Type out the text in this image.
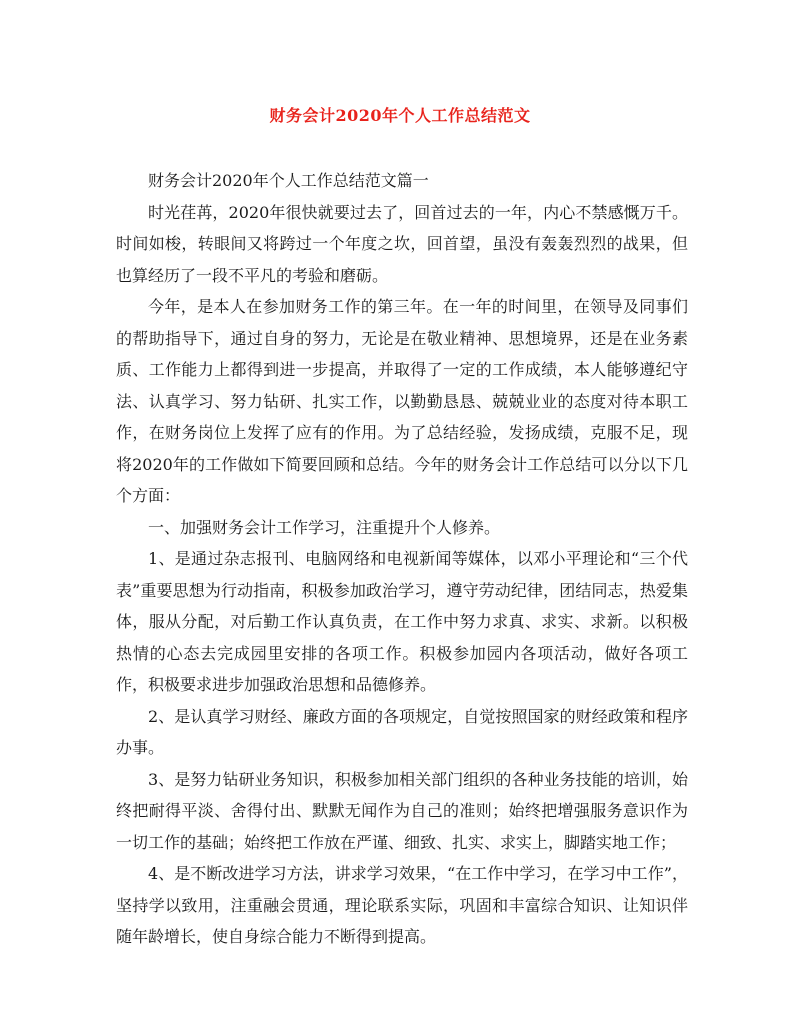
财务会计2020年个人工作总结范文

财务会计2020年个人工作总结范文篇一

时光荏苒，2020年很快就要过去了，回首过去的一年，内心不禁感慨万千。时间如梭，转眼间又将跨过一个年度之坎，回首望，虽没有轰轰烈烈的战果，但也算经历了一段不平凡的考验和磨砺。

今年，是本人在参加财务工作的第三年。在一年的时间里，在领导及同事们的帮助指导下，通过自身的努力，无论是在敬业精神、思想境界，还是在业务素质、工作能力上都得到进一步提高，并取得了一定的工作成绩，本人能够遵纪守法、认真学习、努力钻研、扎实工作，以勤勤恳恳、兢兢业业的态度对待本职工作，在财务岗位上发挥了应有的作用。为了总结经验，发扬成绩，克服不足，现将2020年的工作做如下简要回顾和总结。今年的财务会计工作总结可以分以下几个方面：

一、加强财务会计工作学习，注重提升个人修养。

1、是通过杂志报刊、电脑网络和电视新闻等媒体，以邓小平理论和“三个代表”重要思想为行动指南，积极参加政治学习，遵守劳动纪律，团结同志，热爱集体，服从分配，对后勤工作认真负责，在工作中努力求真、求实、求新。以积极热情的心态去完成园里安排的各项工作。积极参加园内各项活动，做好各项工作，积极要求进步加强政治思想和品德修养。

2、是认真学习财经、廉政方面的各项规定，自觉按照国家的财经政策和程序办事。

3、是努力钻研业务知识，积极参加相关部门组织的各种业务技能的培训，始终把耐得平淡、舍得付出、默默无闻作为自己的准则；始终把增强服务意识作为一切工作的基础；始终把工作放在严谨、细致、扎实、求实上，脚踏实地工作；

4、是不断改进学习方法，讲求学习效果，“在工作中学习，在学习中工作”，坚持学以致用，注重融会贯通，理论联系实际，巩固和丰富综合知识、让知识伴随年龄增长，使自身综合能力不断得到提高。
